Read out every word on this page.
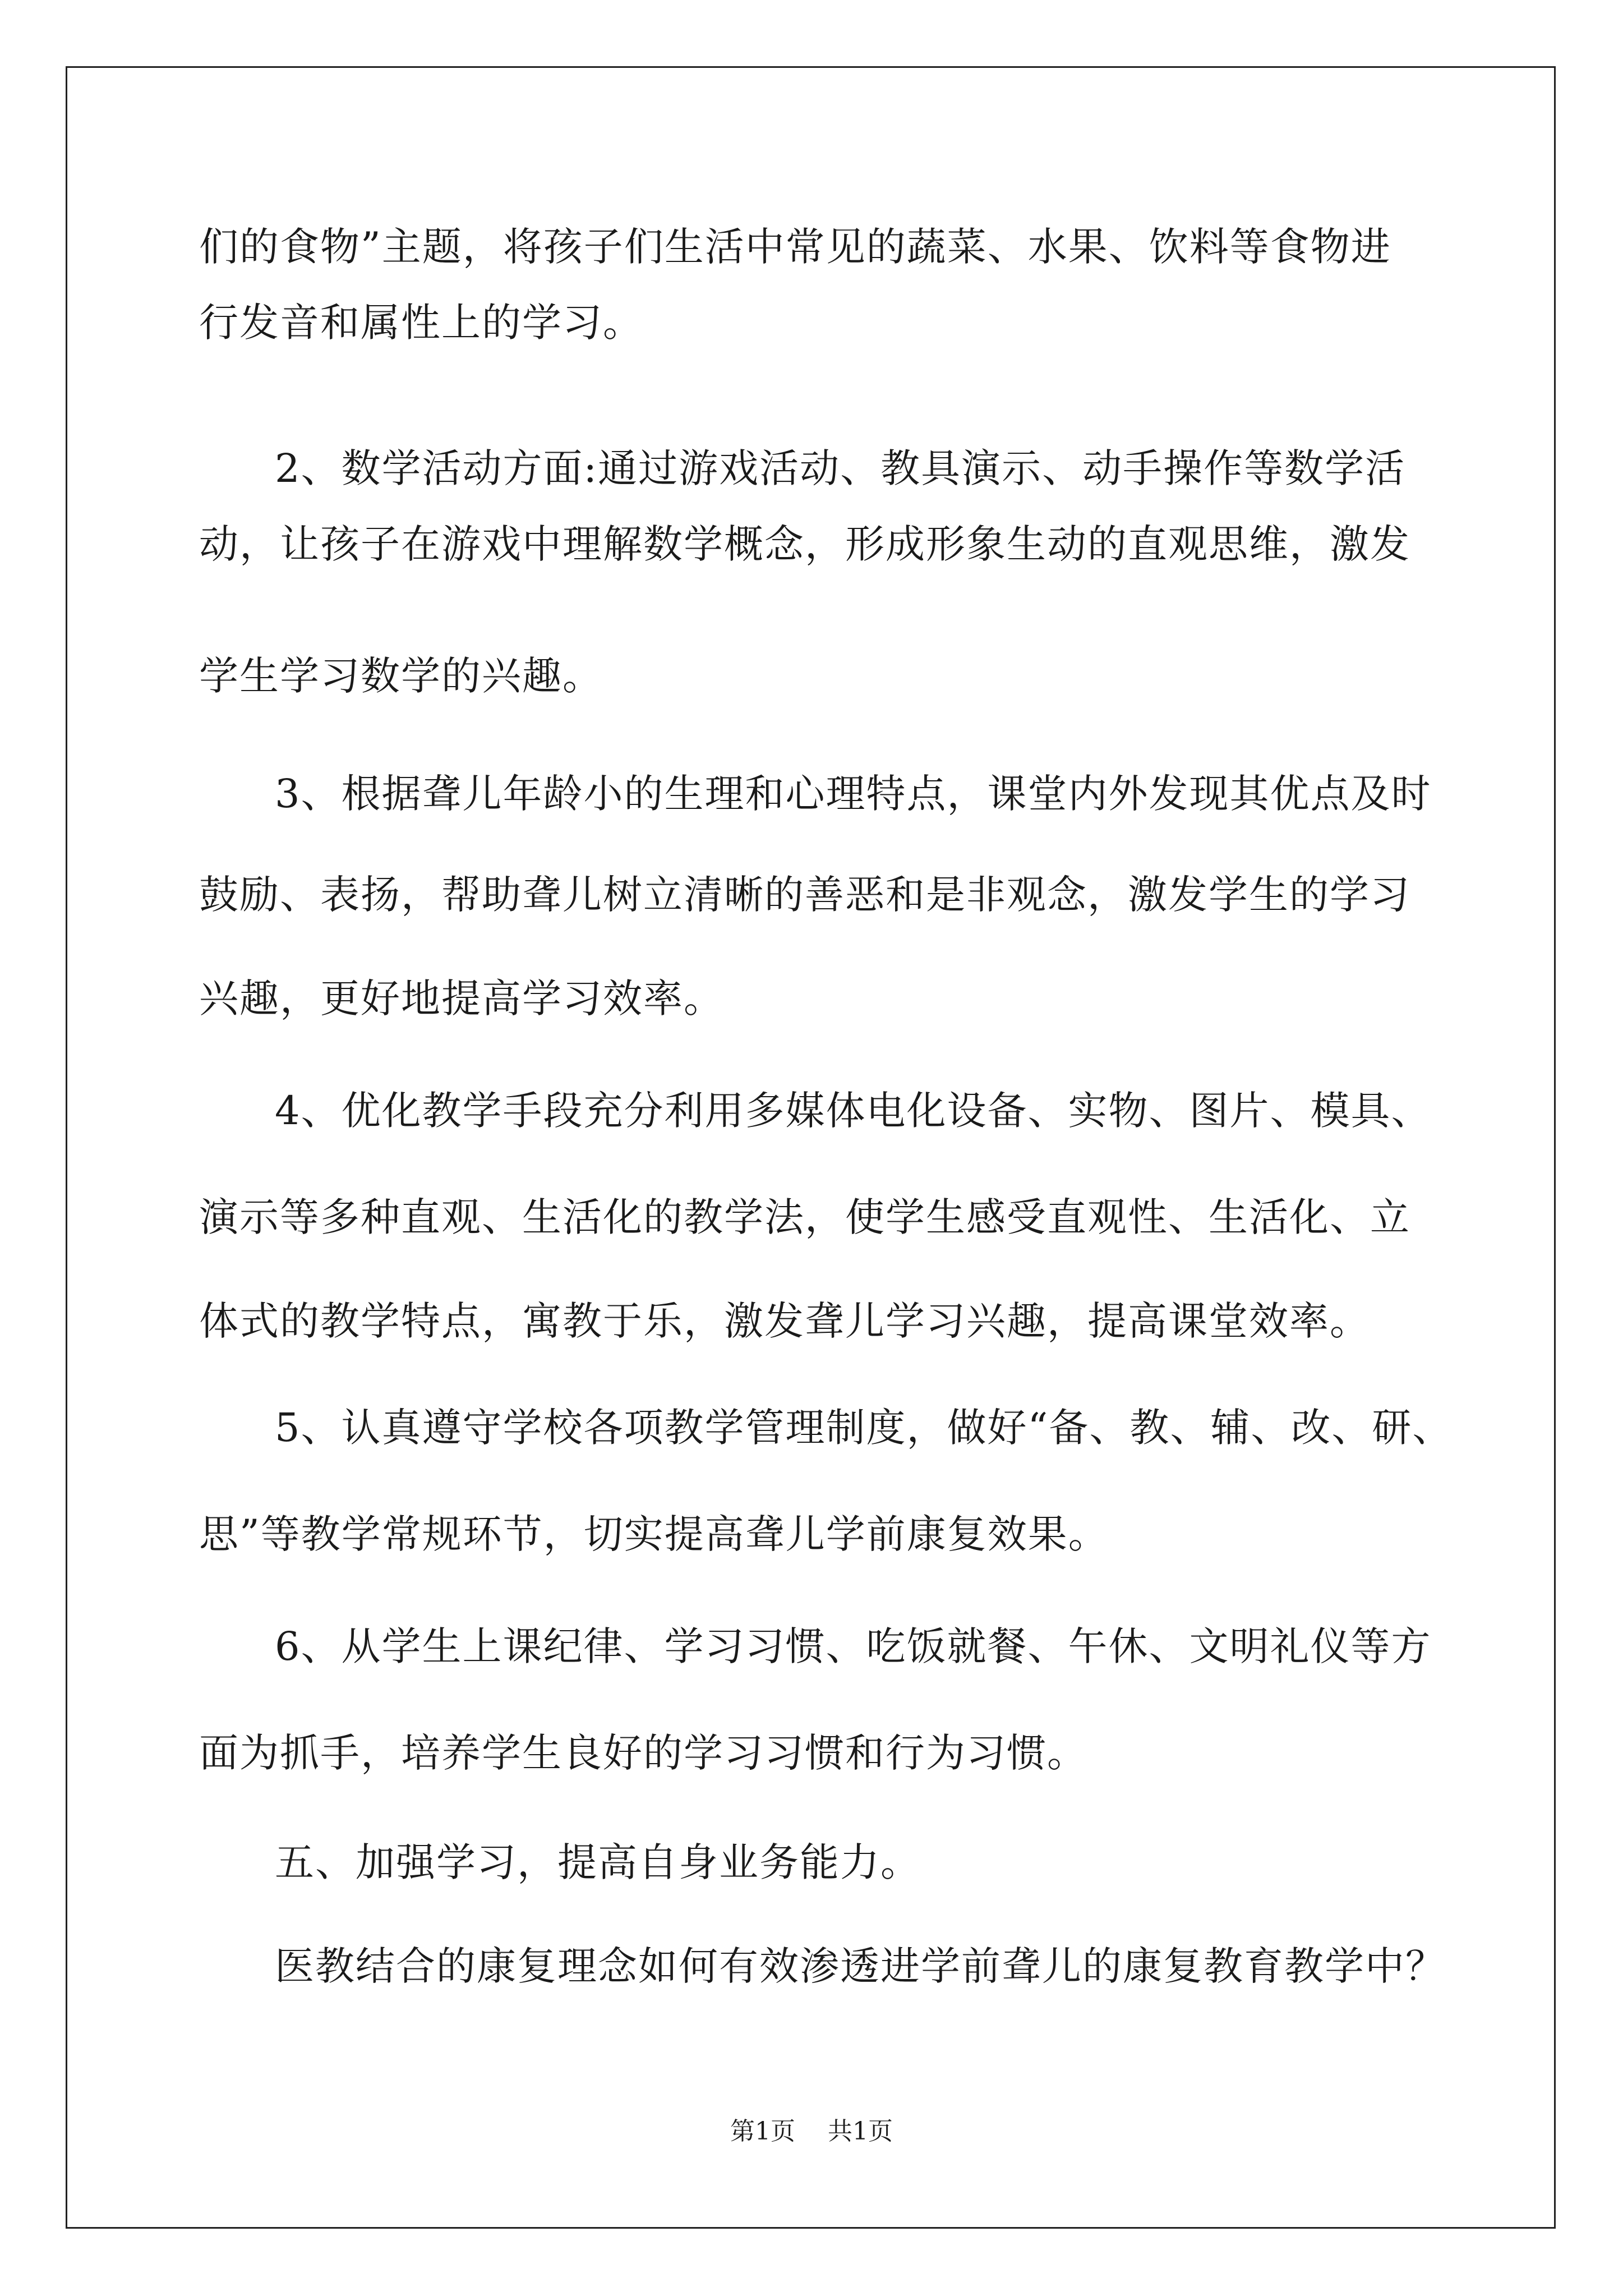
们的食物”主题，将孩子们生活中常见的蔬菜、水果、饮料等食物进
行发音和属性上的学习。
2、数学活动方面:通过游戏活动、教具演示、动手操作等数学活
动，让孩子在游戏中理解数学概念，形成形象生动的直观思维，激发
学生学习数学的兴趣。
3、根据聋儿年龄小的生理和心理特点，课堂内外发现其优点及时
鼓励、表扬，帮助聋儿树立清晰的善恶和是非观念，激发学生的学习
兴趣，更好地提高学习效率。
4、优化教学手段充分利用多媒体电化设备、实物、图片、模具、
演示等多种直观、生活化的教学法，使学生感受直观性、生活化、立
体式的教学特点，寓教于乐，激发聋儿学习兴趣，提高课堂效率。
5、认真遵守学校各项教学管理制度，做好“备、教、辅、改、研、
思”等教学常规环节，切实提高聋儿学前康复效果。
6、从学生上课纪律、学习习惯、吃饭就餐、午休、文明礼仪等方
面为抓手，培养学生良好的学习习惯和行为习惯。
五、加强学习，提高自身业务能力。
医教结合的康复理念如何有效渗透进学前聋儿的康复教育教学中？
第1页 共1页
